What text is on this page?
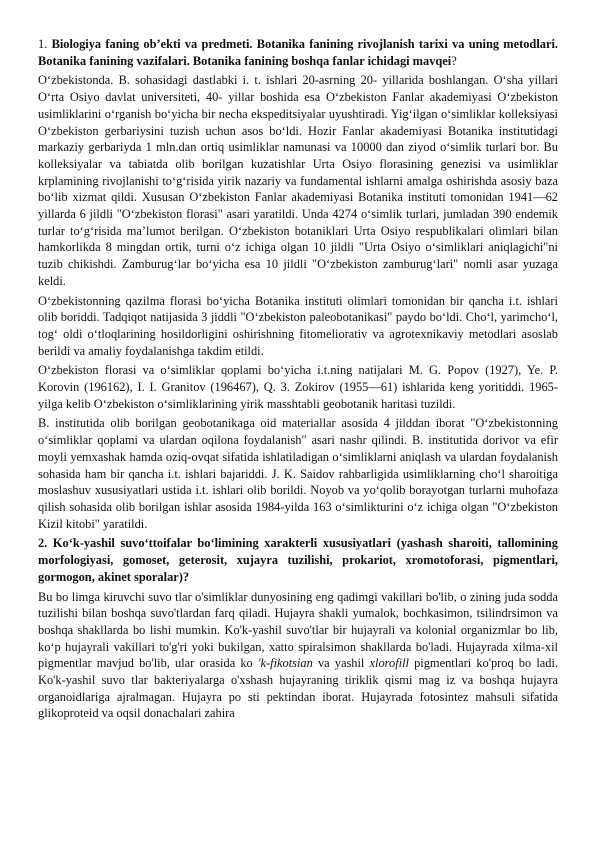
1. Biologiya faning ob’ekti va predmeti. Botanika fanining rivojlanish tarixi va uning metodlari. Botanika fanining vazifalari. Botanika fanining boshqa fanlar ichidagi mavqei?

O‘zbekistonda. B. sohasidagi dastlabki i. t. ishlari 20-asrning 20- yillarida boshlangan. O‘sha yillari O‘rta Osiyo davlat universiteti, 40- yillar boshida esa O‘zbekiston Fanlar akademiyasi O‘zbekiston usimliklarini o‘rganish bo‘yicha bir necha ekspeditsiyalar uyushtiradi. Yig‘ilgan o‘simliklar kolleksiyasi O‘zbekiston gerbariysini tuzish uchun asos bo‘ldi. Hozir Fanlar akademiyasi Botanika institutidagi markaziy gerbariyda 1 mln.dan ortiq usimliklar namunasi va 10000 dan ziyod o‘simlik turlari bor. Bu kolleksiyalar va tabiatda olib borilgan kuzatishlar Urta Osiyo florasining genezisi va usimliklar krplamining rivojlanishi to‘g‘risida yirik nazariy va fundamental ishlarni amalga oshirishda asosiy baza bo‘lib xizmat qildi. Xususan O‘zbekiston Fanlar akademiyasi Botanika instituti tomonidan 1941—62 yillarda 6 jildli "O‘zbekiston florasi" asari yaratildi. Unda 4274 o‘simlik turlari, jumladan 390 endemik turlar to‘g‘risida ma’lumot berilgan. O‘zbekiston botaniklari Urta Osiyo respublikalari olimlari bilan hamkorlikda 8 mingdan ortik, turni o‘z ichiga olgan 10 jildli "Urta Osiyo o‘simliklari aniqlagichi"ni tuzib chikishdi. Zamburug‘lar bo‘yicha esa 10 jildli "O‘zbekiston zamburug‘lari" nomli asar yuzaga keldi.

O‘zbekistonning qazilma florasi bo‘yicha Botanika instituti olimlari tomonidan bir qancha i.t. ishlari olib boriddi. Tadqiqot natijasida 3 jiddli "O‘zbekiston paleobotanikasi" paydo bo‘ldi. Cho‘l, yarimcho‘l, tog‘ oldi o‘tloqlarining hosildorligini oshirishning fitomeliorativ va agrotexnikaviy metodlari asoslab berildi va amaliy foydalanishga takdim etildi.

O‘zbekiston florasi va o‘simliklar qoplami bo‘yicha i.t.ning natijalari M. G. Popov (1927), Ye. P. Korovin (196162), I. I. Granitov (196467), Q. 3. Zokirov (1955—61) ishlarida keng yoritiddi. 1965-yilga kelib O‘zbekiston o‘simliklarining yirik masshtabli geobotanik haritasi tuzildi.

B. institutida olib borilgan geobotanikaga oid materiallar asosida 4 jilddan iborat "O‘zbekistonning o‘simliklar qoplami va ulardan oqilona foydalanish" asari nashr qilindi. B. institutida dorivor va efir moyli yemxashak hamda oziq-ovqat sifatida ishlatiladigan o‘simliklarni aniqlash va ulardan foydalanish sohasida ham bir qancha i.t. ishlari bajariddi. J. K. Saidov rahbarligida usimliklarning cho‘l sharoitiga moslashuv xususiyatlari ustida i.t. ishlari olib borildi. Noyob va yo‘qolib borayotgan turlarni muhofaza qilish sohasida olib borilgan ishlar asosida 1984-yilda 163 o‘simlikturini o‘z ichiga olgan "O‘zbekiston Kizil kitobi" yaratildi.

2. Ko‘k-yashil suvo‘ttoifalar bo‘limining xarakterli xususiyatlari (yashash sharoiti, tallomining morfologiyasi, gomoset, geterosit, xujayra tuzilishi, prokariot, xromotoforasi, pigmentlari, gormogon, akinet sporalar)?

Bu bo limga kiruvchi suvo tlar o'simliklar dunyosining eng qadimgi vakillari bo'lib, o zining juda sodda tuzilishi bilan boshqa suvo'tlardan farq qiladi. Hujayra shakli yumalok, bochkasimon, tsilindrsimon va boshqa shakllarda bo lishi mumkin. Ko'k-yashil suvo'tlar bir hujayrali va kolonial organizmlar bo lib, ko‘p hujayrali vakillari to'g'ri yoki bukilgan, xatto spiralsimon shakllarda bo'ladi. Hujayrada xilma-xil pigmentlar mavjud bo'lib, ular orasida ko 'k-fikotsian va yashil xlorofill pigmentlari ko'proq bo ladi. Ko'k-yashil suvo tlar bakteriyalarga o'xshash hujayraning tiriklik qismi mag iz va boshqa hujayra organoidlariga ajralmagan. Hujayra po sti pektindan iborat. Hujayrada fotosintez mahsuli sifatida glikoproteid va oqsil donachalari zahira
